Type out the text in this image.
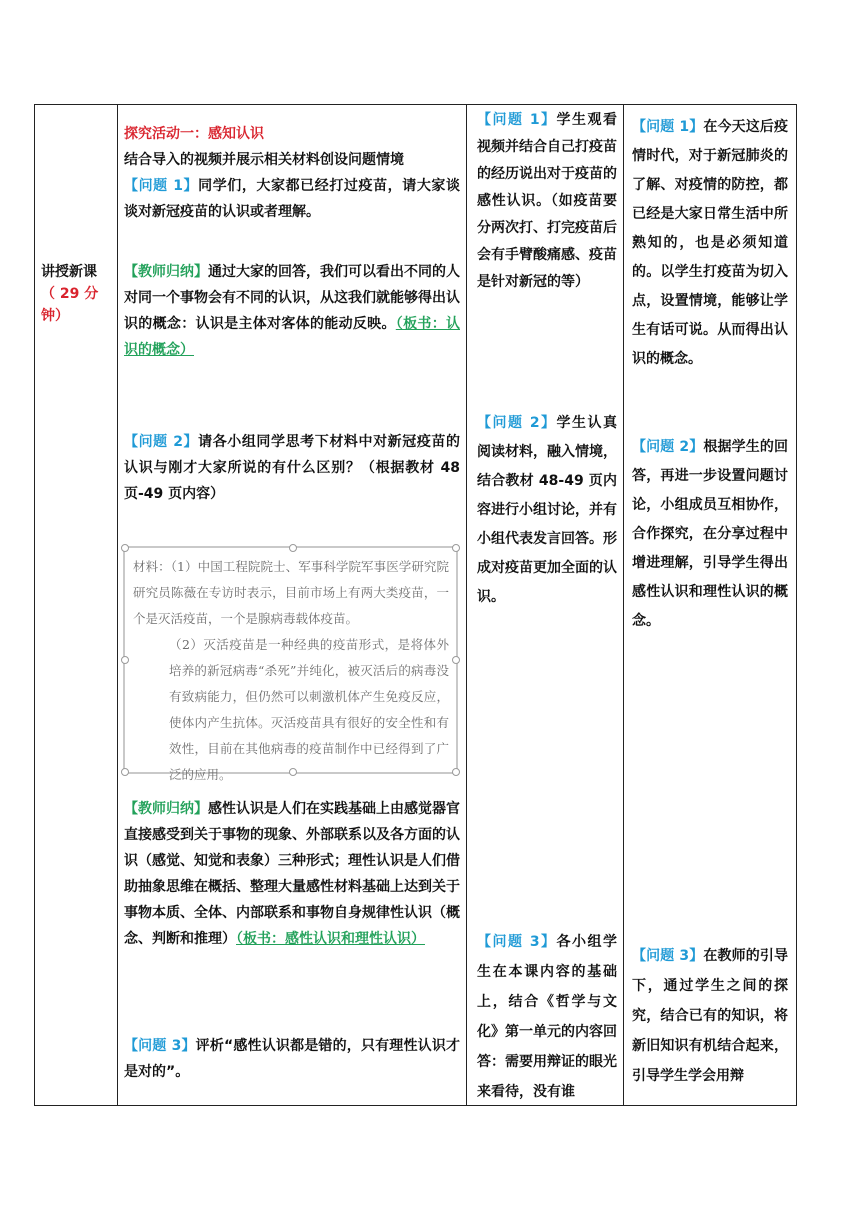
讲授新课
（ 29 分钟）

探究活动一：感知认识
结合导入的视频并展示相关材料创设问题情境
【问题 1】同学们，大家都已经打过疫苗，请大家谈谈对新冠疫苗的认识或者理解。
【教师归纳】通过大家的回答，我们可以看出不同的人对同一个事物会有不同的认识，从这我们就能够得出认识的概念：认识是主体对客体的能动反映。（板书：认识的概念）
【问题 2】请各小组同学思考下材料中对新冠疫苗的认识与刚才大家所说的有什么区别？（根据教材 48 页-49 页内容）
材料：（1）中国工程院院士、军事科学院军事医学研究院研究员陈薇在专访时表示，目前市场上有两大类疫苗，一个是灭活疫苗，一个是腺病毒载体疫苗。
（2）灭活疫苗是一种经典的疫苗形式，是将体外培养的新冠病毒“杀死”并纯化，被灭活后的病毒没有致病能力，但仍然可以刺激机体产生免疫反应，使体内产生抗体。灭活疫苗具有很好的安全性和有效性，目前在其他病毒的疫苗制作中已经得到了广泛的应用。
【教师归纳】感性认识是人们在实践基础上由感觉器官直接感受到关于事物的现象、外部联系以及各方面的认识（感觉、知觉和表象）三种形式；理性认识是人们借助抽象思维在概括、整理大量感性材料基础上达到关于事物本质、全体、内部联系和事物自身规律性认识（概念、判断和推理）（板书：感性认识和理性认识）
【问题 3】评析“感性认识都是错的，只有理性认识才是对的”。

【问题 1】学生观看视频并结合自己打疫苗的经历说出对于疫苗的感性认识。（如疫苗要分两次打、打完疫苗后会有手臂酸痛感、疫苗是针对新冠的等）
【问题 2】学生认真阅读材料，融入情境，结合教材 48-49 页内容进行小组讨论，并有小组代表发言回答。形成对疫苗更加全面的认识。
【问题 3】各小组学生在本课内容的基础上，结合《哲学与文化》第一单元的内容回答：需要用辩证的眼光来看待，没有谁

【问题 1】在今天这后疫情时代，对于新冠肺炎的了解、对疫情的防控，都已经是大家日常生活中所熟知的，也是必须知道的。以学生打疫苗为切入点，设置情境，能够让学生有话可说。从而得出认识的概念。
【问题 2】根据学生的回答，再进一步设置问题讨论，小组成员互相协作，合作探究，在分享过程中增进理解，引导学生得出感性认识和理性认识的概念。
【问题 3】在教师的引导下，通过学生之间的探究，结合已有的知识，将新旧知识有机结合起来，引导学生学会用辩
